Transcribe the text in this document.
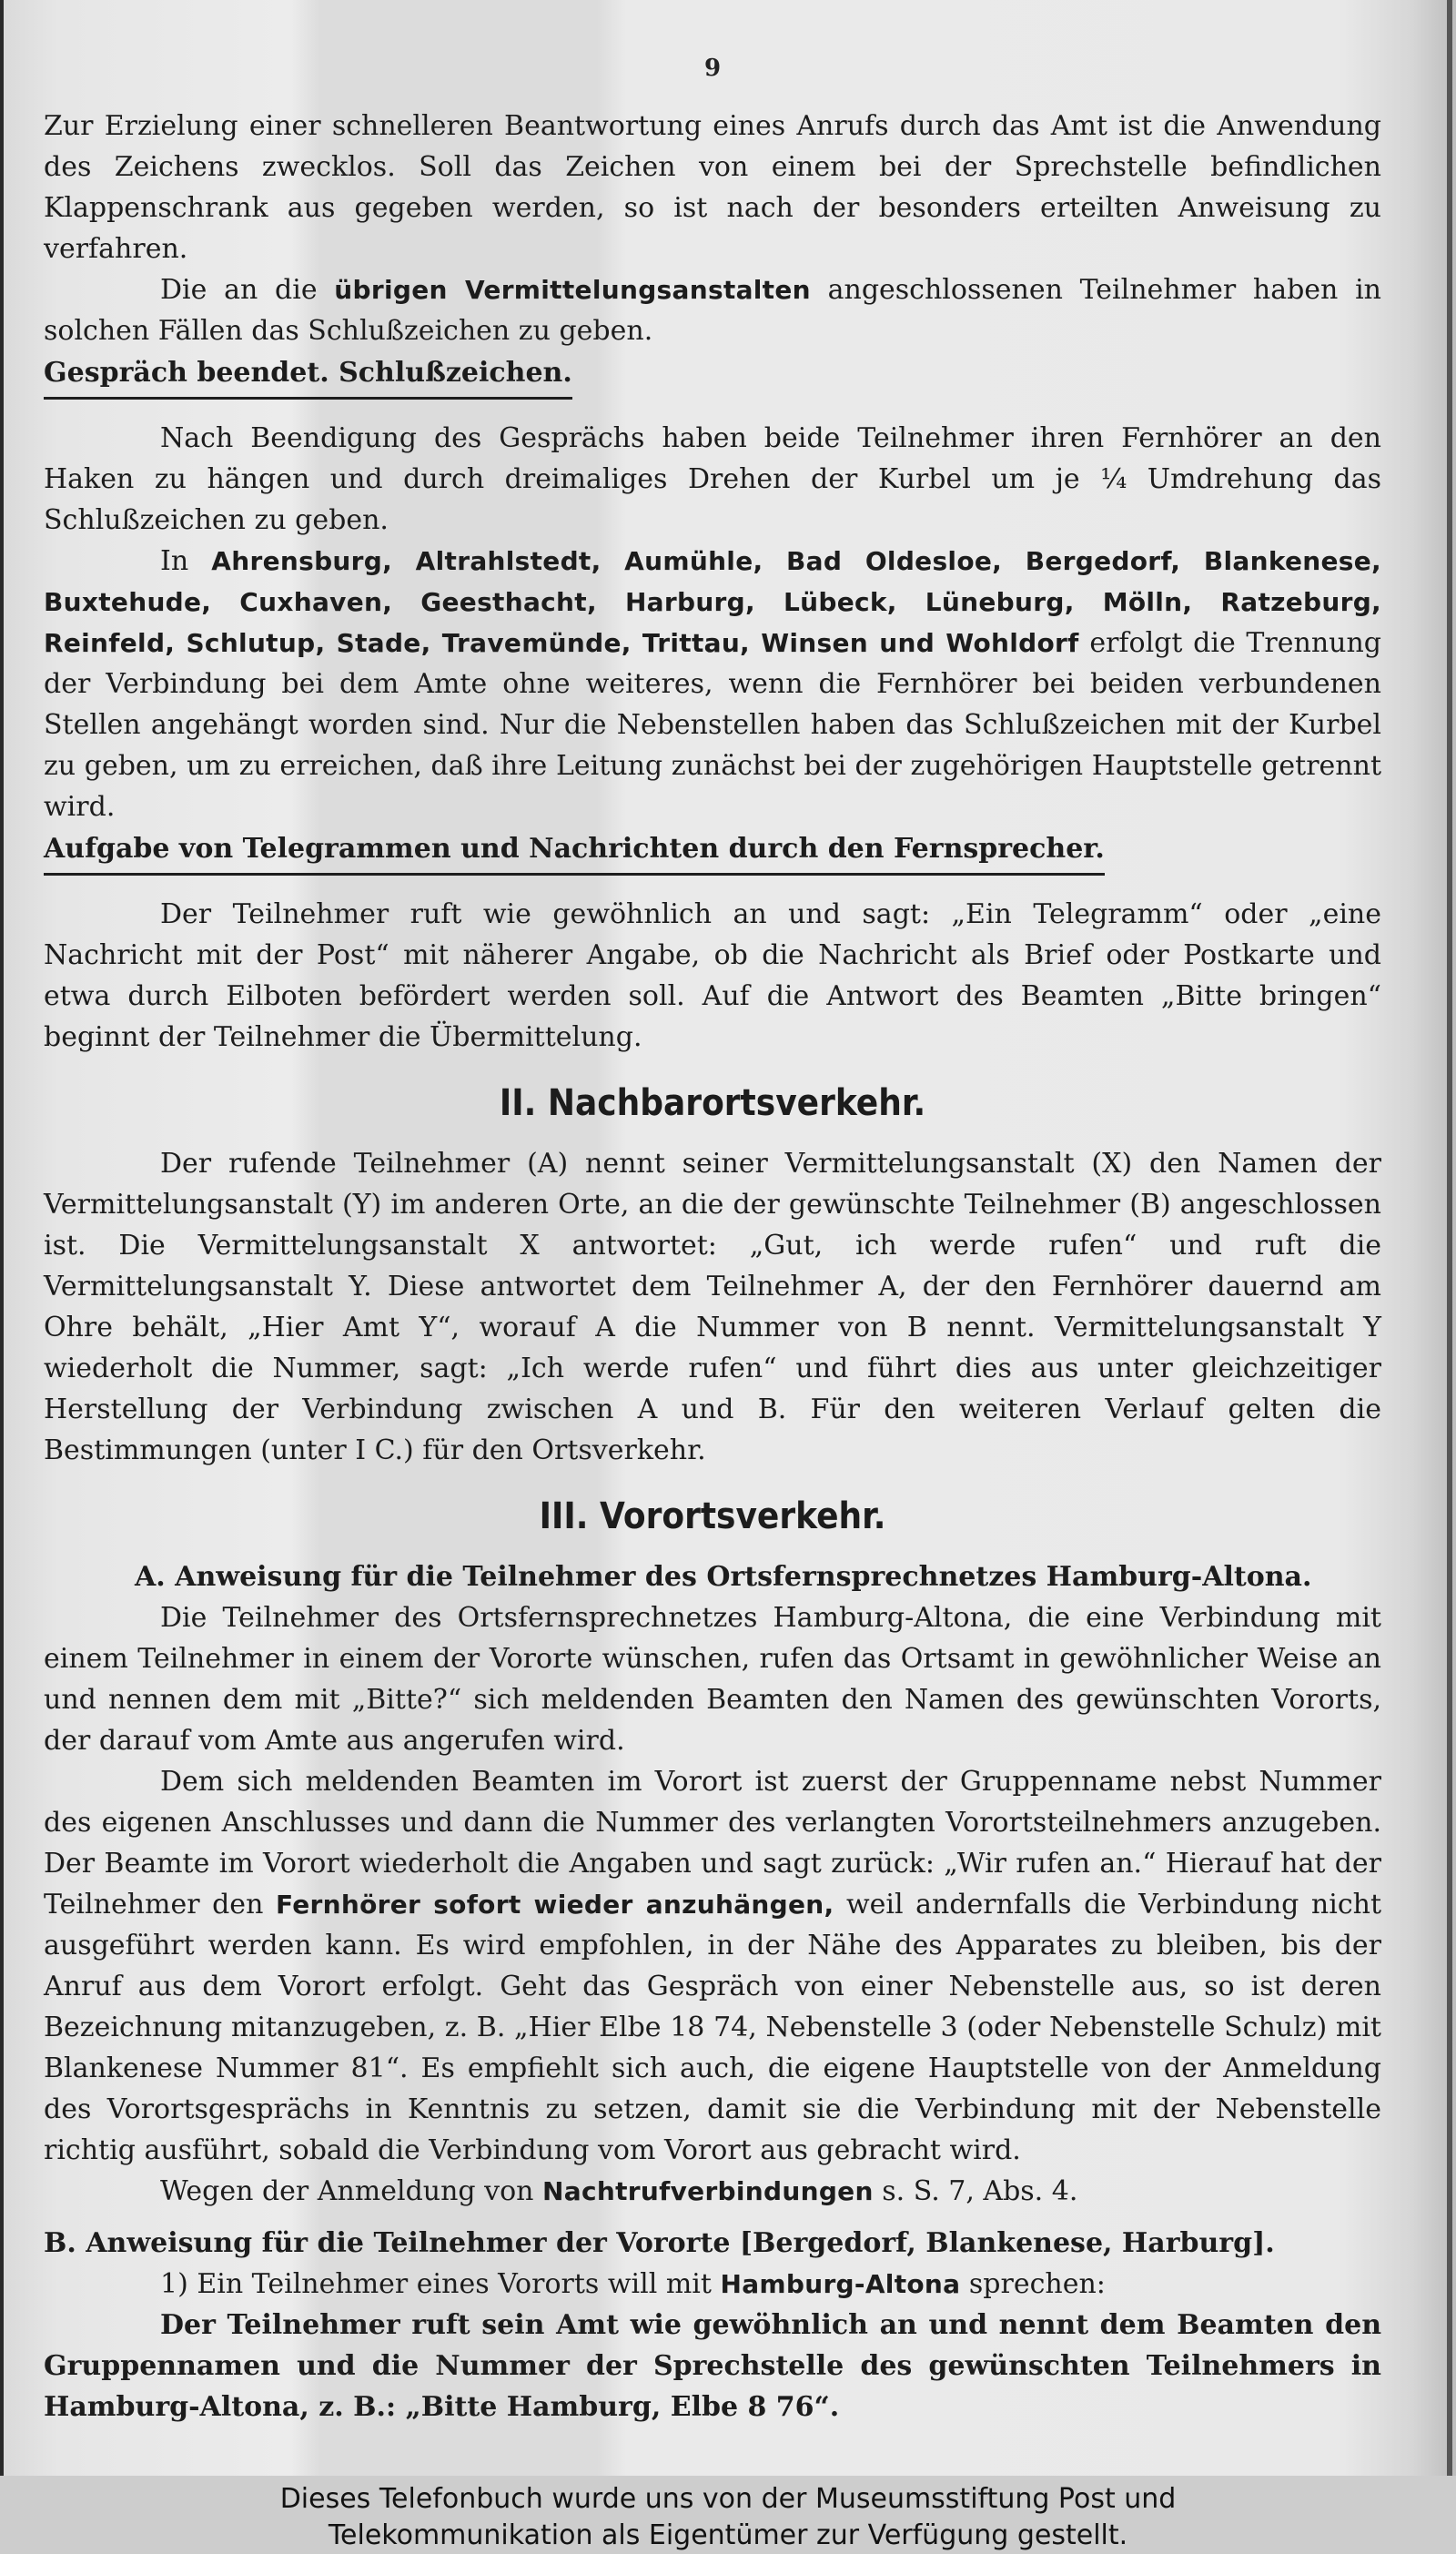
9

Zur Erzielung einer schnelleren Beantwortung eines Anrufs durch das Amt ist die Anwendung des Zeichens zwecklos. Soll das Zeichen von einem bei der Sprechstelle befindlichen Klappenschrank aus gegeben werden, so ist nach der besonders erteilten Anweisung zu verfahren.

Die an die übrigen Vermittelungsanstalten angeschlossenen Teilnehmer haben in solchen Fällen das Schlußzeichen zu geben.

Gespräch beendet. Schlußzeichen.

Nach Beendigung des Gesprächs haben beide Teilnehmer ihren Fernhörer an den Haken zu hängen und durch dreimaliges Drehen der Kurbel um je ¼ Umdrehung das Schlußzeichen zu geben.

In Ahrensburg, Altrahlstedt, Aumühle, Bad Oldesloe, Bergedorf, Blankenese, Buxtehude, Cuxhaven, Geesthacht, Harburg, Lübeck, Lüneburg, Mölln, Ratzeburg, Reinfeld, Schlutup, Stade, Travemünde, Trittau, Winsen und Wohldorf erfolgt die Trennung der Verbindung bei dem Amte ohne weiteres, wenn die Fernhörer bei beiden verbundenen Stellen angehängt worden sind. Nur die Nebenstellen haben das Schlußzeichen mit der Kurbel zu geben, um zu erreichen, daß ihre Leitung zunächst bei der zugehörigen Hauptstelle getrennt wird.

Aufgabe von Telegrammen und Nachrichten durch den Fernsprecher.

Der Teilnehmer ruft wie gewöhnlich an und sagt: „Ein Telegramm“ oder „eine Nachricht mit der Post“ mit näherer Angabe, ob die Nachricht als Brief oder Postkarte und etwa durch Eilboten befördert werden soll. Auf die Antwort des Beamten „Bitte bringen“ beginnt der Teilnehmer die Übermittelung.

II. Nachbarortsverkehr.

Der rufende Teilnehmer (A) nennt seiner Vermittelungsanstalt (X) den Namen der Vermittelungsanstalt (Y) im anderen Orte, an die der gewünschte Teilnehmer (B) angeschlossen ist. Die Vermittelungsanstalt X antwortet: „Gut, ich werde rufen“ und ruft die Vermittelungsanstalt Y. Diese antwortet dem Teilnehmer A, der den Fernhörer dauernd am Ohre behält, „Hier Amt Y“, worauf A die Nummer von B nennt. Vermittelungsanstalt Y wiederholt die Nummer, sagt: „Ich werde rufen“ und führt dies aus unter gleichzeitiger Herstellung der Verbindung zwischen A und B. Für den weiteren Verlauf gelten die Bestimmungen (unter I C.) für den Ortsverkehr.

III. Vorortsverkehr.
A. Anweisung für die Teilnehmer des Ortsfernsprechnetzes Hamburg-Altona.

Die Teilnehmer des Ortsfernsprechnetzes Hamburg-Altona, die eine Verbindung mit einem Teilnehmer in einem der Vororte wünschen, rufen das Ortsamt in gewöhnlicher Weise an und nennen dem mit „Bitte?“ sich meldenden Beamten den Namen des gewünschten Vororts, der darauf vom Amte aus angerufen wird.

Dem sich meldenden Beamten im Vorort ist zuerst der Gruppenname nebst Nummer des eigenen Anschlusses und dann die Nummer des verlangten Vorortsteilnehmers anzugeben. Der Beamte im Vorort wiederholt die Angaben und sagt zurück: „Wir rufen an.“ Hierauf hat der Teilnehmer den Fernhörer sofort wieder anzuhängen, weil andernfalls die Verbindung nicht ausgeführt werden kann. Es wird empfohlen, in der Nähe des Apparates zu bleiben, bis der Anruf aus dem Vorort erfolgt. Geht das Gespräch von einer Nebenstelle aus, so ist deren Bezeichnung mitanzugeben, z. B. „Hier Elbe 18 74, Nebenstelle 3 (oder Nebenstelle Schulz) mit Blankenese Nummer 81“. Es empfiehlt sich auch, die eigene Hauptstelle von der Anmeldung des Vorortsgesprächs in Kenntnis zu setzen, damit sie die Verbindung mit der Nebenstelle richtig ausführt, sobald die Verbindung vom Vorort aus gebracht wird.

Wegen der Anmeldung von Nachtrufverbindungen s. S. 7, Abs. 4.

B. Anweisung für die Teilnehmer der Vororte [Bergedorf, Blankenese, Harburg].

1) Ein Teilnehmer eines Vororts will mit Hamburg-Altona sprechen:

Der Teilnehmer ruft sein Amt wie gewöhnlich an und nennt dem Beamten den Gruppennamen und die Nummer der Sprechstelle des gewünschten Teilnehmers in Hamburg-Altona, z. B.: „Bitte Hamburg, Elbe 8 76“.

Dieses Telefonbuch wurde uns von der Museumsstiftung Post und
Telekommunikation als Eigentümer zur Verfügung gestellt.
